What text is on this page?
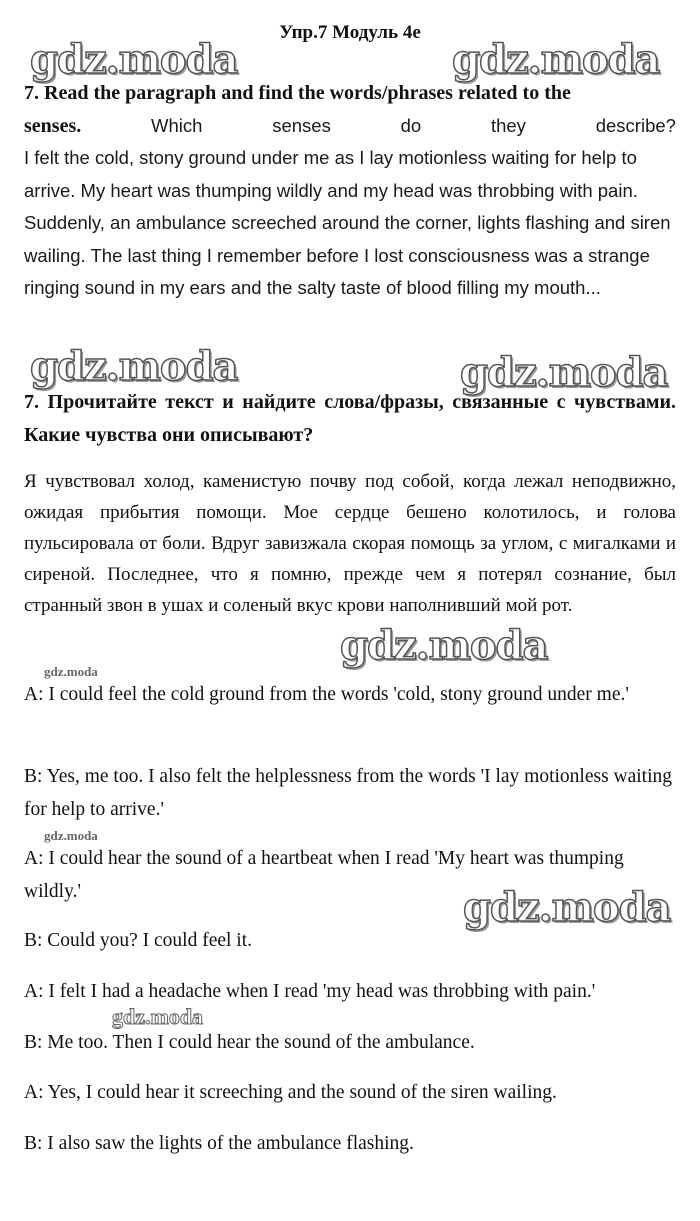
Упр.7 Модуль 4е
7. Read the paragraph and find the words/phrases related to the
senses.	Which	senses	do	they	describe?
I felt the cold, stony ground under me as I lay motionless waiting for help to arrive. My heart was thumping wildly and my head was throbbing with pain. Suddenly, an ambulance screeched around the corner, lights flashing and siren wailing. The last thing I remember before I lost consciousness was a strange ringing sound in my ears and the salty taste of blood filling my mouth...
7. Прочитайте текст и найдите слова/фразы, связанные с чувствами. Какие чувства они описывают?
Я чувствовал холод, каменистую почву под собой, когда лежал неподвижно, ожидая прибытия помощи. Мое сердце бешено колотилось, и голова пульсировала от боли. Вдруг завизжала скорая помощь за углом, с мигалками и сиреной. Последнее, что я помню, прежде чем я потерял сознание, был странный звон в ушах и соленый вкус крови наполнивший мой рот.
A: I could feel the cold ground from the words 'cold, stony ground under me.'
B: Yes, me too. I also felt the helplessness from the words 'I lay motionless waiting for help to arrive.'
A: I could hear the sound of a heartbeat when I read 'My heart was thumping wildly.'
B: Could you? I could feel it.
A: I felt I had a headache when I read 'my head was throbbing with pain.'
B: Me too. Then I could hear the sound of the ambulance.
A: Yes, I could hear it screeching and the sound of the siren wailing.
B: I also saw the lights of the ambulance flashing.
gdz.moda	gdz.moda
gdz.moda	gdz.moda
gdz.moda
gdz.moda
gdz.moda
gdz.moda
gdz.moda
